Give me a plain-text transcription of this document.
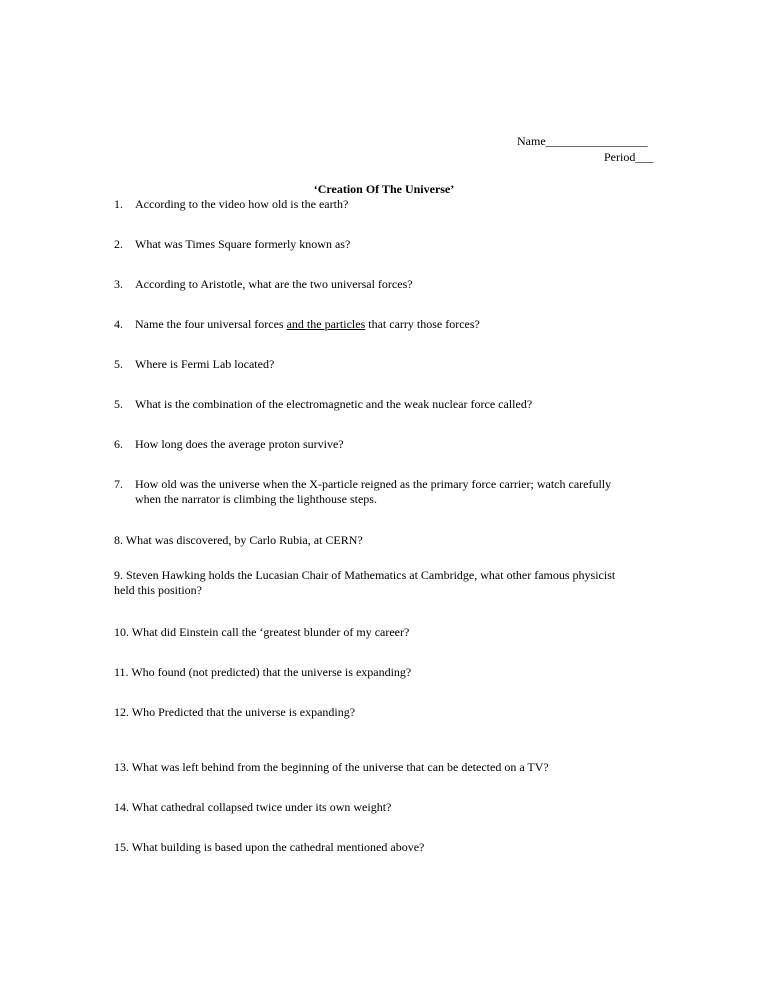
Name_________________
Period___
‘Creation Of The Universe’
1. According to the video how old is the earth?
2. What was Times Square formerly known as?
3. According to Aristotle, what are the two universal forces?
4. Name the four universal forces and the particles that carry those forces?
5. Where is Fermi Lab located?
5. What is the combination of the electromagnetic and the weak nuclear force called?
6. How long does the average proton survive?
7. How old was the universe when the X-particle reigned as the primary force carrier; watch carefully
when the narrator is climbing the lighthouse steps.
8. What was discovered, by Carlo Rubia, at CERN?
9. Steven Hawking holds the Lucasian Chair of Mathematics at Cambridge, what other famous physicist
held this position?
10. What did Einstein call the ‘greatest blunder of my career?
11. Who found (not predicted) that the universe is expanding?
12. Who Predicted that the universe is expanding?
13. What was left behind from the beginning of the universe that can be detected on a TV?
14. What cathedral collapsed twice under its own weight?
15. What building is based upon the cathedral mentioned above?
